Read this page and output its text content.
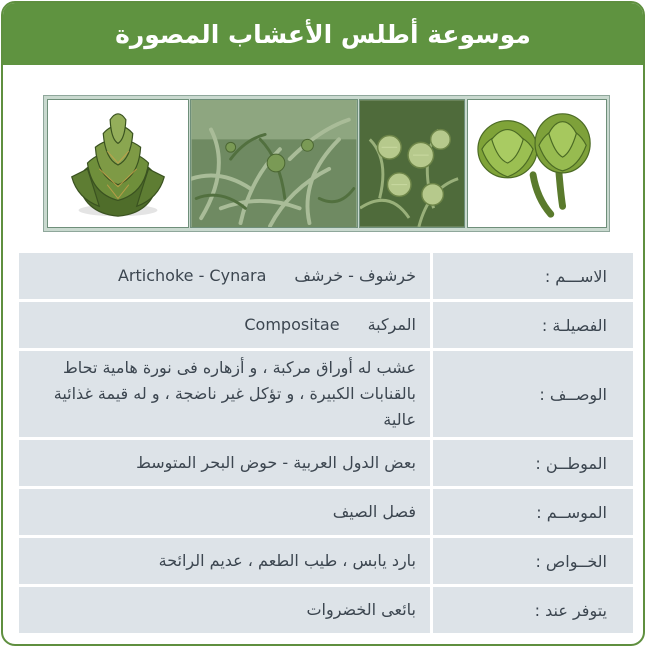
موسوعة أطلس الأعشاب المصورة
الاســـم :	خرشوف - خرشفArtichoke - Cynara
الفصيلـة :	المركبةCompositae
الوصــف :	عشب له أوراق مركبة ، و أزهاره فى نورة هامية تحاط بالقنابات الكبيرة ، و تؤكل غير ناضجة ، و له قيمة غذائية عالية
الموطــن :	بعض الدول العربية - حوض البحر المتوسط
الموســم :	فصل الصيف
الخــواص :	بارد يابس ، طيب الطعم ، عديم الرائحة
يتوفر عند :	بائعى الخضروات
